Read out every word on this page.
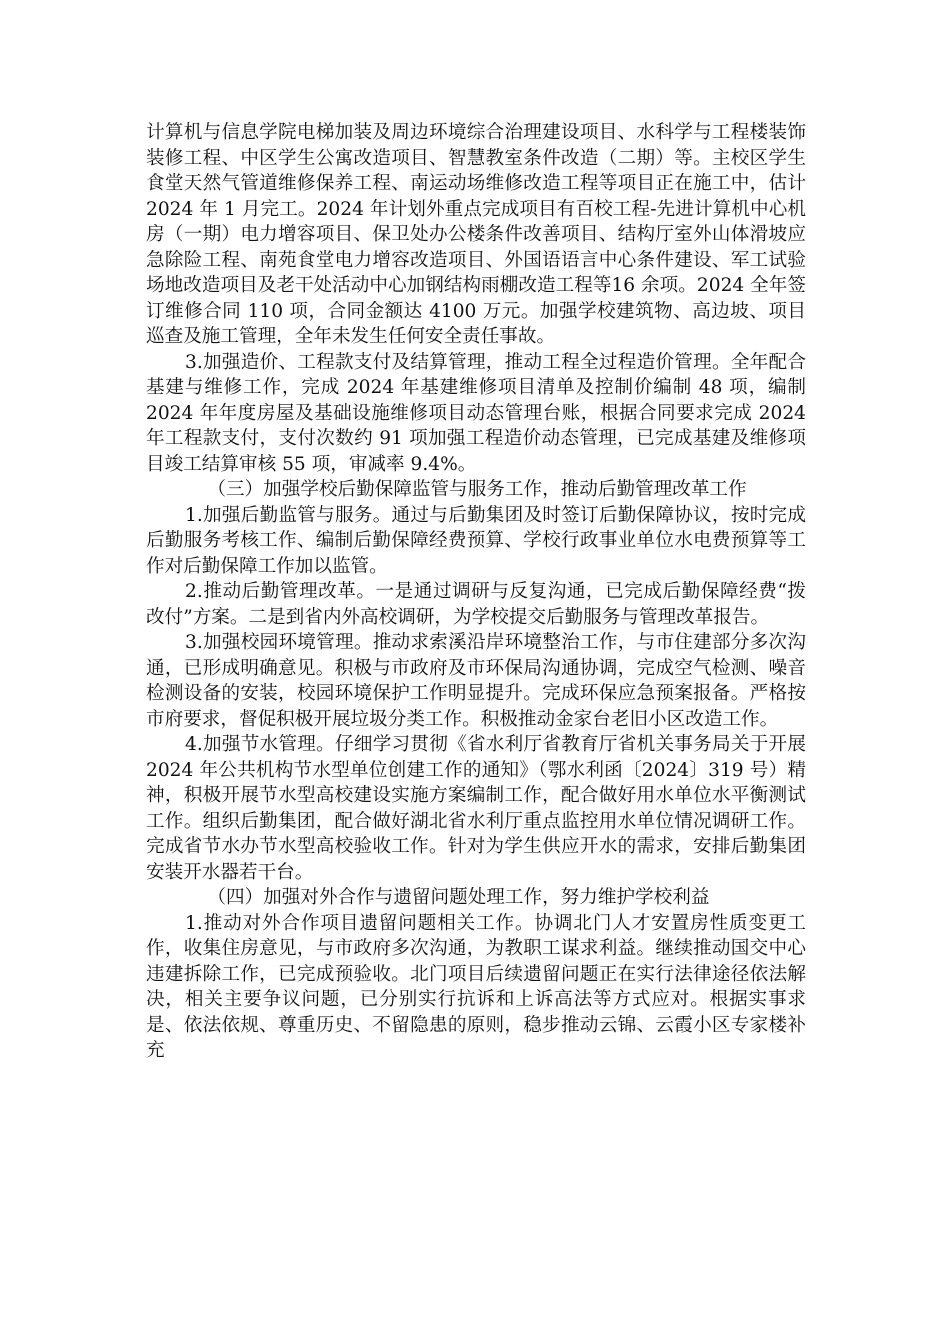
计算机与信息学院电梯加装及周边环境综合治理建设项目、水科学与工程楼装饰装修工程、中区学生公寓改造项目、智慧教室条件改造（二期）等。主校区学生食堂天然气管道维修保养工程、南运动场维修改造工程等项目正在施工中，估计 2024 年 1 月完工。2024 年计划外重点完成项目有百校工程-先进计算机中心机房（一期）电力增容项目、保卫处办公楼条件改善项目、结构厅室外山体滑坡应急除险工程、南苑食堂电力增容改造项目、外国语语言中心条件建设、军工试验场地改造项目及老干处活动中心加钢结构雨棚改造工程等16 余项。2024 全年签订维修合同 110 项，合同金额达 4100 万元。加强学校建筑物、高边坡、项目巡查及施工管理，全年未发生任何安全责任事故。

3.加强造价、工程款支付及结算管理，推动工程全过程造价管理。全年配合基建与维修工作，完成 2024 年基建维修项目清单及控制价编制 48 项，编制 2024 年年度房屋及基础设施维修项目动态管理台账，根据合同要求完成 2024 年工程款支付，支付次数约 91 项加强工程造价动态管理，已完成基建及维修项目竣工结算审核 55 项，审减率 9.4%。

（三）加强学校后勤保障监管与服务工作，推动后勤管理改革工作

1.加强后勤监管与服务。通过与后勤集团及时签订后勤保障协议，按时完成后勤服务考核工作、编制后勤保障经费预算、学校行政事业单位水电费预算等工作对后勤保障工作加以监管。

2.推动后勤管理改革。一是通过调研与反复沟通，已完成后勤保障经费“拨改付”方案。二是到省内外高校调研，为学校提交后勤服务与管理改革报告。

3.加强校园环境管理。推动求索溪沿岸环境整治工作，与市住建部分多次沟通，已形成明确意见。积极与市政府及市环保局沟通协调，完成空气检测、噪音检测设备的安装，校园环境保护工作明显提升。完成环保应急预案报备。严格按市府要求，督促积极开展垃圾分类工作。积极推动金家台老旧小区改造工作。

4.加强节水管理。仔细学习贯彻《省水利厅省教育厅省机关事务局关于开展 2024 年公共机构节水型单位创建工作的通知》（鄂水利函〔2024〕319 号）精神，积极开展节水型高校建设实施方案编制工作，配合做好用水单位水平衡测试工作。组织后勤集团，配合做好湖北省水利厅重点监控用水单位情况调研工作。完成省节水办节水型高校验收工作。针对为学生供应开水的需求，安排后勤集团安装开水器若干台。

（四）加强对外合作与遗留问题处理工作，努力维护学校利益

1.推动对外合作项目遗留问题相关工作。协调北门人才安置房性质变更工作，收集住房意见，与市政府多次沟通，为教职工谋求利益。继续推动国交中心违建拆除工作，已完成预验收。北门项目后续遗留问题正在实行法律途径依法解决，相关主要争议问题，已分别实行抗诉和上诉高法等方式应对。根据实事求是、依法依规、尊重历史、不留隐患的原则，稳步推动云锦、云霞小区专家楼补充
